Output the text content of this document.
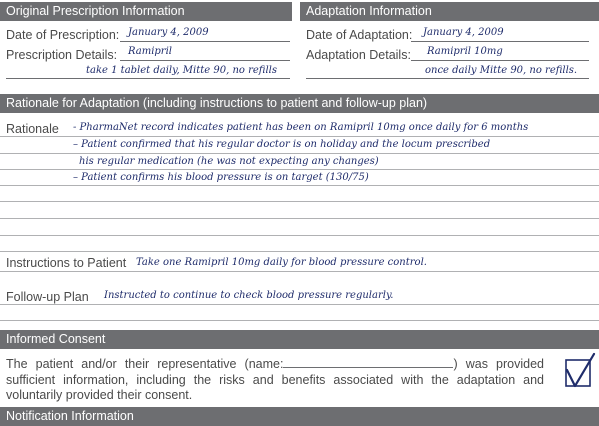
Original Prescription Information	Adaptation Information
Date of Prescription: January 4, 2009
Prescription Details: Ramipril
take 1 tablet daily, Mitte 90, no refills
Date of Adaptation: January 4, 2009
Adaptation Details: Ramipril 10mg
once daily Mitte 90, no refills.
Rationale for Adaptation (including instructions to patient and follow-up plan)
Rationale - PharmaNet record indicates patient has been on Ramipril 10mg once daily for 6 months
– Patient confirmed that his regular doctor is on holiday and the locum prescribed
his regular medication (he was not expecting any changes)
– Patient confirms his blood pressure is on target (130/75)
Instructions to Patient Take one Ramipril 10mg daily for blood pressure control.
Follow-up Plan Instructed to continue to check blood pressure regularly.
Informed Consent
The patient and/or their representative (name:	) was provided sufficient information, including the risks and benefits associated with the adaptation and voluntarily provided their consent.
Notification Information
